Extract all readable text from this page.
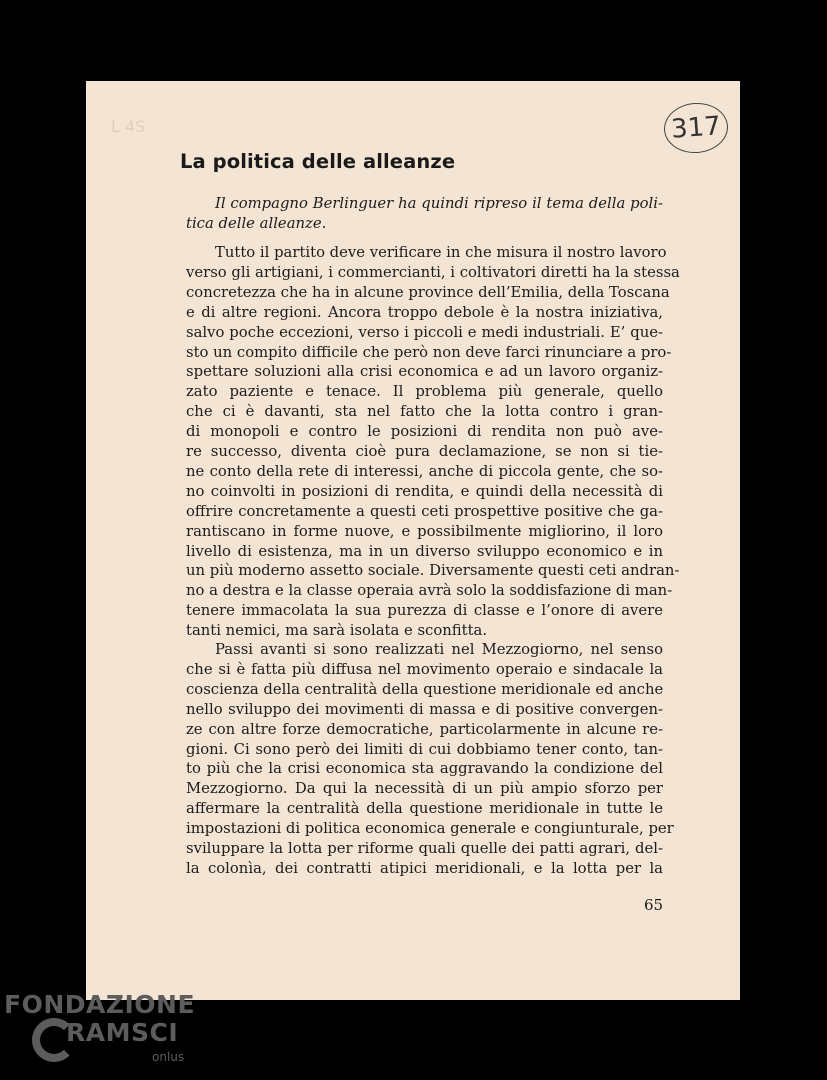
L 4S	317
La politica delle alleanze
Il compagno Berlinguer ha quindi ripreso il tema della poli-
tica delle alleanze.
Tutto il partito deve verificare in che misura il nostro lavoro
verso gli artigiani, i commercianti, i coltivatori diretti ha la stessa
concretezza che ha in alcune province dell’Emilia, della Toscana
e di altre regioni. Ancora troppo debole è la nostra iniziativa,
salvo poche eccezioni, verso i piccoli e medi industriali. E’ que-
sto un compito difficile che però non deve farci rinunciare a pro-
spettare soluzioni alla crisi economica e ad un lavoro organiz-
zato paziente e tenace. Il problema più generale, quello
che ci è davanti, sta nel fatto che la lotta contro i gran-
di monopoli e contro le posizioni di rendita non può ave-
re successo, diventa cioè pura declamazione, se non si tie-
ne conto della rete di interessi, anche di piccola gente, che so-
no coinvolti in posizioni di rendita, e quindi della necessità di
offrire concretamente a questi ceti prospettive positive che ga-
rantiscano in forme nuove, e possibilmente migliorino, il loro
livello di esistenza, ma in un diverso sviluppo economico e in
un più moderno assetto sociale. Diversamente questi ceti andran-
no a destra e la classe operaia avrà solo la soddisfazione di man-
tenere immacolata la sua purezza di classe e l’onore di avere
tanti nemici, ma sarà isolata e sconfitta.
Passi avanti si sono realizzati nel Mezzogiorno, nel senso
che si è fatta più diffusa nel movimento operaio e sindacale la
coscienza della centralità della questione meridionale ed anche
nello sviluppo dei movimenti di massa e di positive convergen-
ze con altre forze democratiche, particolarmente in alcune re-
gioni. Ci sono però dei limiti di cui dobbiamo tener conto, tan-
to più che la crisi economica sta aggravando la condizione del
Mezzogiorno. Da qui la necessità di un più ampio sforzo per
affermare la centralità della questione meridionale in tutte le
impostazioni di politica economica generale e congiunturale, per
sviluppare la lotta per riforme quali quelle dei patti agrari, del-
la colonìa, dei contratti atipici meridionali, e la lotta per la
65
FONDAZIONE
RAMSCI
onlus
